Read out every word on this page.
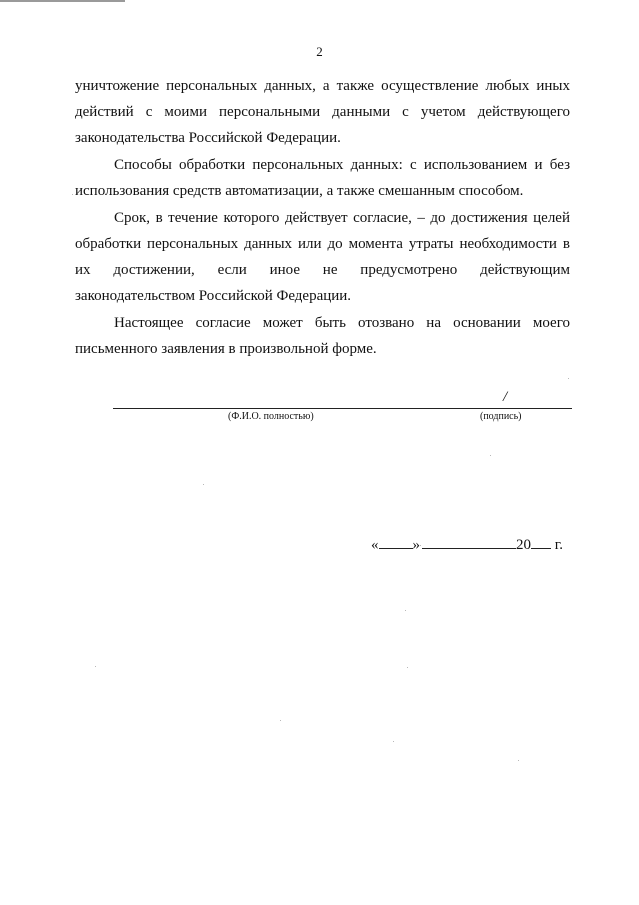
2

уничтожение персональных данных, а также осуществление любых иных действий с моими персональными данными с учетом действующего законодательства Российской Федерации.

Способы обработки персональных данных: с использованием и без использования средств автоматизации, а также смешанным способом.

Срок, в течение которого действует согласие, – до достижения целей обработки персональных данных или до момента утраты необходимости в их достижении, если иное не предусмотрено действующим законодательством Российской Федерации.

Настоящее согласие может быть отозвано на основании моего письменного заявления в произвольной форме.

/
(Ф.И.О. полностью)	(подпись)
« »	20 г.
